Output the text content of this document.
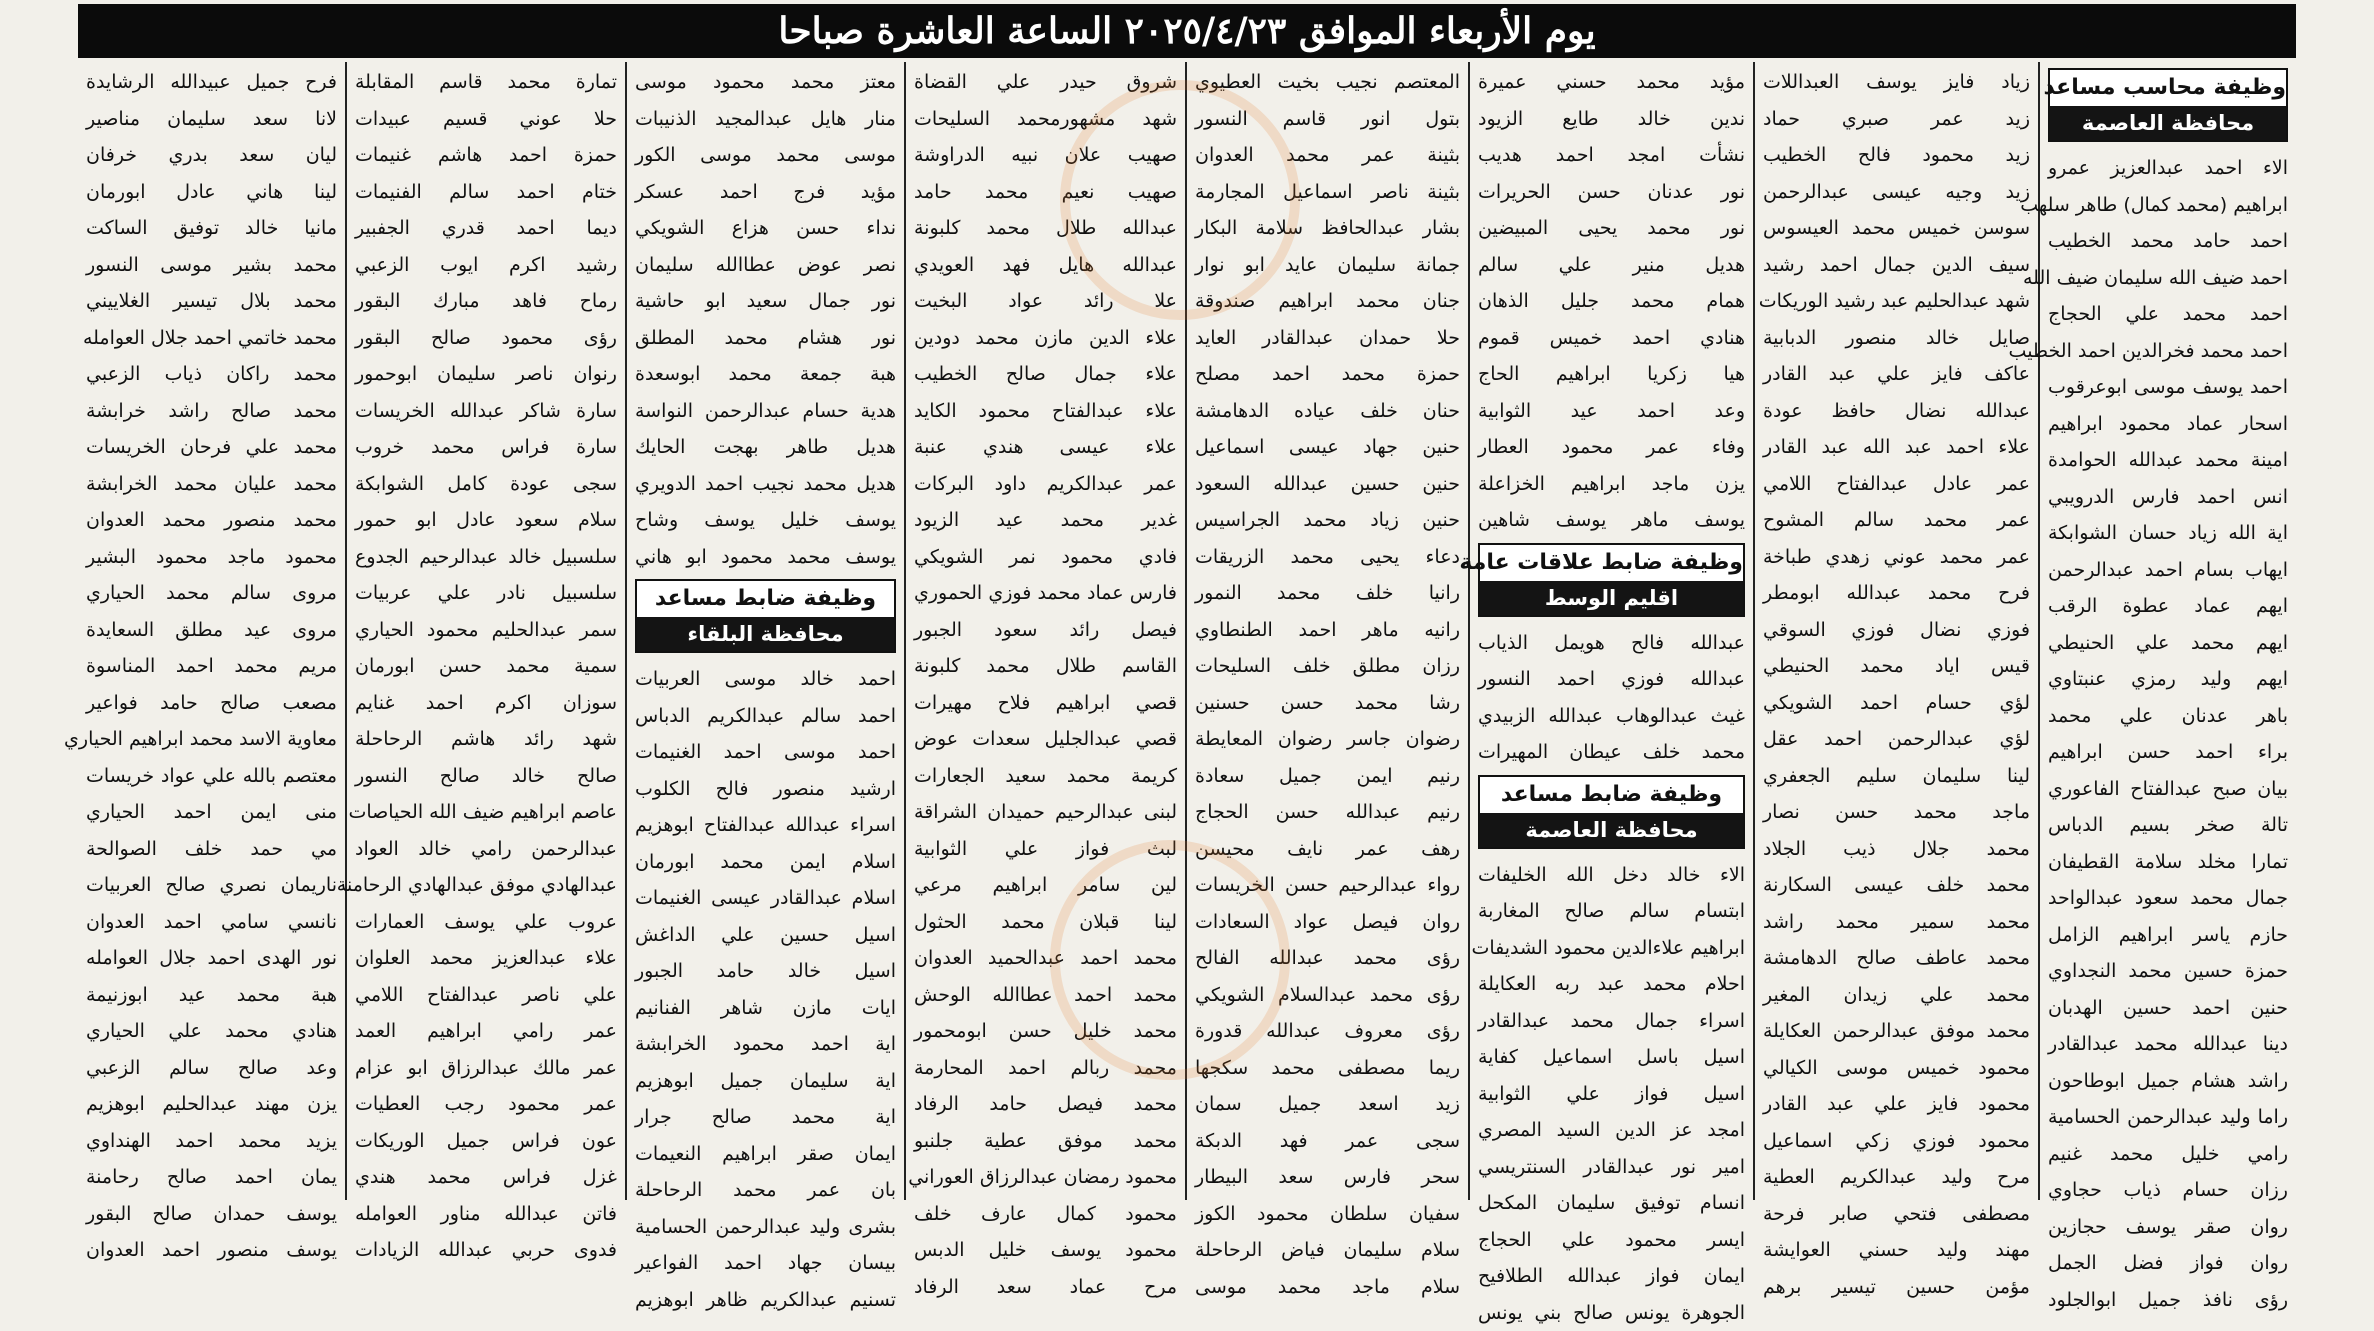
يوم الأربعاء الموافق ٢٠٢٥/٤/٢٣ الساعة العاشرة صباحا
وظيفة محاسب مساعد
محافظة العاصمة
الاء احمد عبدالعزيز عمرو
ابراهيم (محمد كمال) طاهر سلهب
احمد حامد محمد الخطيب
احمد ضيف الله سليمان ضيف الله
احمد محمد علي الحجاج
احمد محمد فخرالدين احمد الخطيب
احمد يوسف موسى ابوعرقوب
اسحار عماد محمود ابراهيم
امينة محمد عبدالله الحوامدة
انس احمد فارس الدرويبي
اية الله زياد حسان الشوابكة
ايهاب بسام احمد عبدالرحمن
ايهم عماد عطوة الرقب
ايهم محمد علي الحنيطي
ايهم وليد رمزي عنبتاوي
باهر عدنان علي محمد
براء احمد حسن ابراهيم
بيان صبح عبدالفتاح الفاعوري
تالة صخر بسيم الدباس
تمارا مخلد سلامة القطيفان
جمال محمد سعود عبدالواحد
حازم ياسر ابراهيم الزامل
حمزة حسين محمد النجداوي
حنين احمد حسين الهدبان
دينا عبدالله محمد عبدالقادر
راشد هشام جميل ابوطاحون
راما وليد عبدالرحمن الحسامية
رامي خليل محمد غنيم
رزان حسام ذياب حجاوي
روان صقر يوسف حجازين
روان فواز فضل الجمل
رؤى نافذ جميل ابوالجلود
زياد فايز يوسف العبداللات
زيد عمر صبري حماد
زيد محمود فالح الخطيب
زيد وجيه عيسى عبدالرحمن
سوسن خميس محمد العيسوس
سيف الدين جمال احمد رشيد
شهد عبدالحليم عبد رشيد الوريكات
صايل خالد منصور الدبابية
عاكف فايز علي عبد القادر
عبدالله نضال حافظ عودة
علاء احمد عبد الله عبد القادر
عمر عادل عبدالفتاح اللامي
عمر محمد سالم المشوح
عمر محمد عوني زهدي طباخة
فرح محمد عبدالله ابومطر
فوزي نضال فوزي السوقي
قيس اياد محمد الحنيطي
لؤي حسام احمد الشويكي
لؤي عبدالرحمن احمد عقل
لينا سليمان سليم الجعفري
ماجد محمد حسن نصار
محمد جلال ذيب الجلاد
محمد خلف عيسى السكارنة
محمد سمير محمد راشد
محمد عاطف صالح الدهامشة
محمد علي زيدان المغير
محمد موفق عبدالرحمن العكايلة
محمود خميس موسى الكيالي
محمود فايز علي عبد القادر
محمود فوزي زكي اسماعيل
مرح وليد عبدالكريم العطية
مصطفى فتحي صابر فرحة
مهند وليد حسني العوايشة
مؤمن حسين تيسير برهم
مؤيد محمد حسني عميرة
ندين خالد طايع الزيود
نشأت امجد احمد هديب
نور عدنان حسن الحريرات
نور محمد يحيى المبيضين
هديل منير علي سالم
همام محمد جليل الذهان
هنادي احمد خميس قموم
هيا زكريا ابراهيم الحاج
وعد احمد عيد الثوابية
وفاء عمر محمود العطار
يزن ماجد ابراهيم الخزاعلة
يوسف ماهر يوسف شاهين
وظيفة ضابط علاقات عامة
اقليم الوسط
عبدالله فالح هويمل الذياب
عبدالله فوزي احمد النسور
غيث عبدالوهاب عبدالله الزبيدي
محمد خلف عيطان المهيرات
وظيفة ضابط مساعد
محافظة العاصمة
الاء خالد دخل الله الخليفات
ابتسام سالم صالح المغاربة
ابراهيم علاءالدين محمود الشديفات
احلام محمد عبد ربه العكايلة
اسراء جمال محمد عبدالقادر
اسيل باسل اسماعيل كفاية
اسيل فواز علي الثوابية
امجد عز الدين السيد المصري
امير نور عبدالقادر السنتريسي
انسام توفيق سليمان المكحل
ايسر محمود علي الحجاج
ايمان فواز عبدالله الطلافيح
الجوهرة يونس صالح بني يونس
المعتصم نجيب بخيت العطيوي
بتول انور قاسم النسور
بثينة عمر محمد العدوان
بثينة ناصر اسماعيل المجارمة
بشار عبدالحافظ سلامة البكار
جمانة سليمان عايد ابو نوار
جنان محمد ابراهيم صندوقة
حلا حمدان عبدالقادر العايد
حمزة محمد احمد مصلح
حنان خلف عياده الدهامشة
حنين جهاد عيسى اسماعيل
حنين حسين عبدالله السعود
حنين زياد محمد الجراسيس
دعاء يحيى محمد الزريقات
رانيا خلف محمد النمور
رانيه ماهر احمد الطنطاوي
رزان مطلق خلف السليحات
رشا محمد حسن حسنين
رضوان جاسر رضوان المعايطة
رنيم ايمن جميل سعادة
رنيم عبدالله حسن الحجاج
رهف عمر نايف محيسن
رواء عبدالرحيم حسن الخريسات
روان فيصل عواد السعادات
رؤى محمد عبدالله الفالح
رؤى محمد عبدالسلام الشويكي
رؤى معروف عبدالله قدورة
ريما مصطفى محمد سكجها
زيد اسعد جميل سمان
سجى عمر فهد الدبكة
سحر فارس سعد البيطار
سفيان سلطان محمود الكوز
سلام سليمان فياض الرحاحلة
سلام ماجد محمد موسى
شروق حيدر علي القضاة
شهد مشهورمحمد السليحات
صهيب علان نبيه الدراوشة
صهيب نعيم محمد حامد
عبدالله طلال محمد كلبونة
عبدالله هايل فهد العويدي
علا رائد عواد البخيت
علاء الدين مازن محمد دودين
علاء جمال صالح الخطيب
علاء عبدالفتاح محمود الكايد
علاء عيسى هندي عنبة
عمر عبدالكريم داود البركات
غدير محمد عيد الزيود
فادي محمود نمر الشويكي
فارس عماد محمد فوزي الحموري
فيصل رائد سعود الجبور
القاسم طلال محمد كلبونة
قصي ابراهيم فلاح مهيرات
قصي عبدالجليل سعدات عوض
كريمة محمد سعيد الجعارات
لبنى عبدالرحيم حميدان الشراقة
لبث فواز علي الثوابية
لين سامر ابراهيم مرعي
لينا قبلان محمد الحثول
محمد احمد عبدالحميد العدوان
محمد احمد عطاالله الوحش
محمد خليل حسن ابومحمور
محمد ربالم احمد المحارمة
محمد فيصل حامد الرفاد
محمد موفق عطية جلنبو
محمود رمضان عبدالرزاق العوراني
محمود كمال عارف خلف
محمود يوسف خليل الدبس
مرح عماد سعد الرفاد
معتز محمد محمود موسى
منار هايل عبدالمجيد الذنيبات
موسى محمد موسى الكور
مؤيد فرج احمد عسكر
نداء حسن هزاع الشويكي
نصر عوض عطاالله سليمان
نور جمال سعيد ابو حاشية
نور هشام محمد المطلق
هبة جمعة محمد ابوسعدة
هدية حسام عبدالرحمن النواسة
هديل طاهر بهجت الحايك
هديل محمد نجيب احمد الدويري
يوسف خليل يوسف وشاح
يوسف محمد محمود ابو هاني
وظيفة ضابط مساعد
محافظة البلقاء
احمد خالد موسى العربيات
احمد سالم عبدالكريم الدباس
احمد موسى احمد الغنيمات
ارشيد منصور فالح الكلوب
اسراء عبدالله عبدالفتاح ابوهزيم
اسلام ايمن محمد ابورمان
اسلام عبدالقادر عيسى الغنيمات
اسيل حسين علي الداغش
اسيل خالد حامد الجبور
ايات مازن شاهر الفنانيم
اية احمد محمود الخرابشة
اية سليمان جميل ابوهزيم
اية محمد صالح جرار
ايمان صقر ابراهيم النعيمات
بان عمر محمد الرحاحلة
بشرى وليد عبدالرحمن الحسامية
بيسان جهاد احمد الفواعير
تسنيم عبدالكريم ظاهر ابوهزيم
تمارة محمد قاسم المقابلة
حلا عوني قسيم عبيدات
حمزة احمد هاشم غنيمات
ختام احمد سالم الفنيمات
ديما احمد قدري الجفبير
رشيد اكرم ايوب الزعبي
رماح فاهد مبارك البقور
رؤى محمود صالح البقور
رنوان ناصر سليمان ابوحمور
سارة شاكر عبدالله الخريسات
سارة فراس محمد خروب
سجى عودة كامل الشوابكة
سلام سعود عادل ابو حمور
سلسبيل خالد عبدالرحيم الجدوع
سلسبيل نادر علي عربيات
سمر عبدالحليم محمود الحياري
سمية محمد حسن ابورمان
سوزان اكرم احمد غنايم
شهد رائد هاشم الرحاحلة
صالح خالد صالح النسور
عاصم ابراهيم ضيف الله الحياصات
عبدالرحمن رامي خالد العواد
عبدالهادي موفق عبدالهادي الرحامنة
عروب علي يوسف العمارات
علاء عبدالعزيز محمد العلوان
علي ناصر عبدالفتاح اللامي
عمر رامي ابراهيم العمد
عمر مالك عبدالرزاق ابو عزام
عمر محمود رجب العطيات
عون فراس جميل الوريكات
غزل فراس محمد هندي
فاتن عبدالله مناور العوامله
فدوى حربي عبدالله الزيادات
فرح جميل عبيدالله الرشايدة
لانا سعد سليمان مناصير
ليان سعد بدري خرفان
لينا هاني عادل ابورمان
مانيا خالد توفيق الساكت
محمد بشير موسى النسور
محمد بلال تيسير الغلاييني
محمد خاتمي احمد جلال العوامله
محمد راكان ذياب الزعبي
محمد صالح راشد خرابشة
محمد علي فرحان الخريسات
محمد عليان محمد الخرابشة
محمد منصور محمد العدوان
محمود ماجد محمود البشير
مروى سالم محمد الحياري
مروى عيد مطلق السعايدة
مريم محمد احمد المناسوة
مصعب صالح حامد فواعير
معاوية الاسد محمد ابراهيم الحياري
معتصم بالله علي عواد خريسات
منى ايمن احمد الحياري
مي حمد خلف الصوالحة
ناريمان نصري صالح العربيات
نانسي سامي احمد العدوان
نور الهدى احمد جلال العوامله
هبة محمد عيد ابوزنيمة
هنادي محمد علي الحياري
وعد صالح سالم الزعبي
يزن مهند عبدالحليم ابوهزيم
يزيد محمد احمد الهنداوي
يمان احمد صالح رحامنة
يوسف حمدان صالح البقور
يوسف منصور احمد العدوان
